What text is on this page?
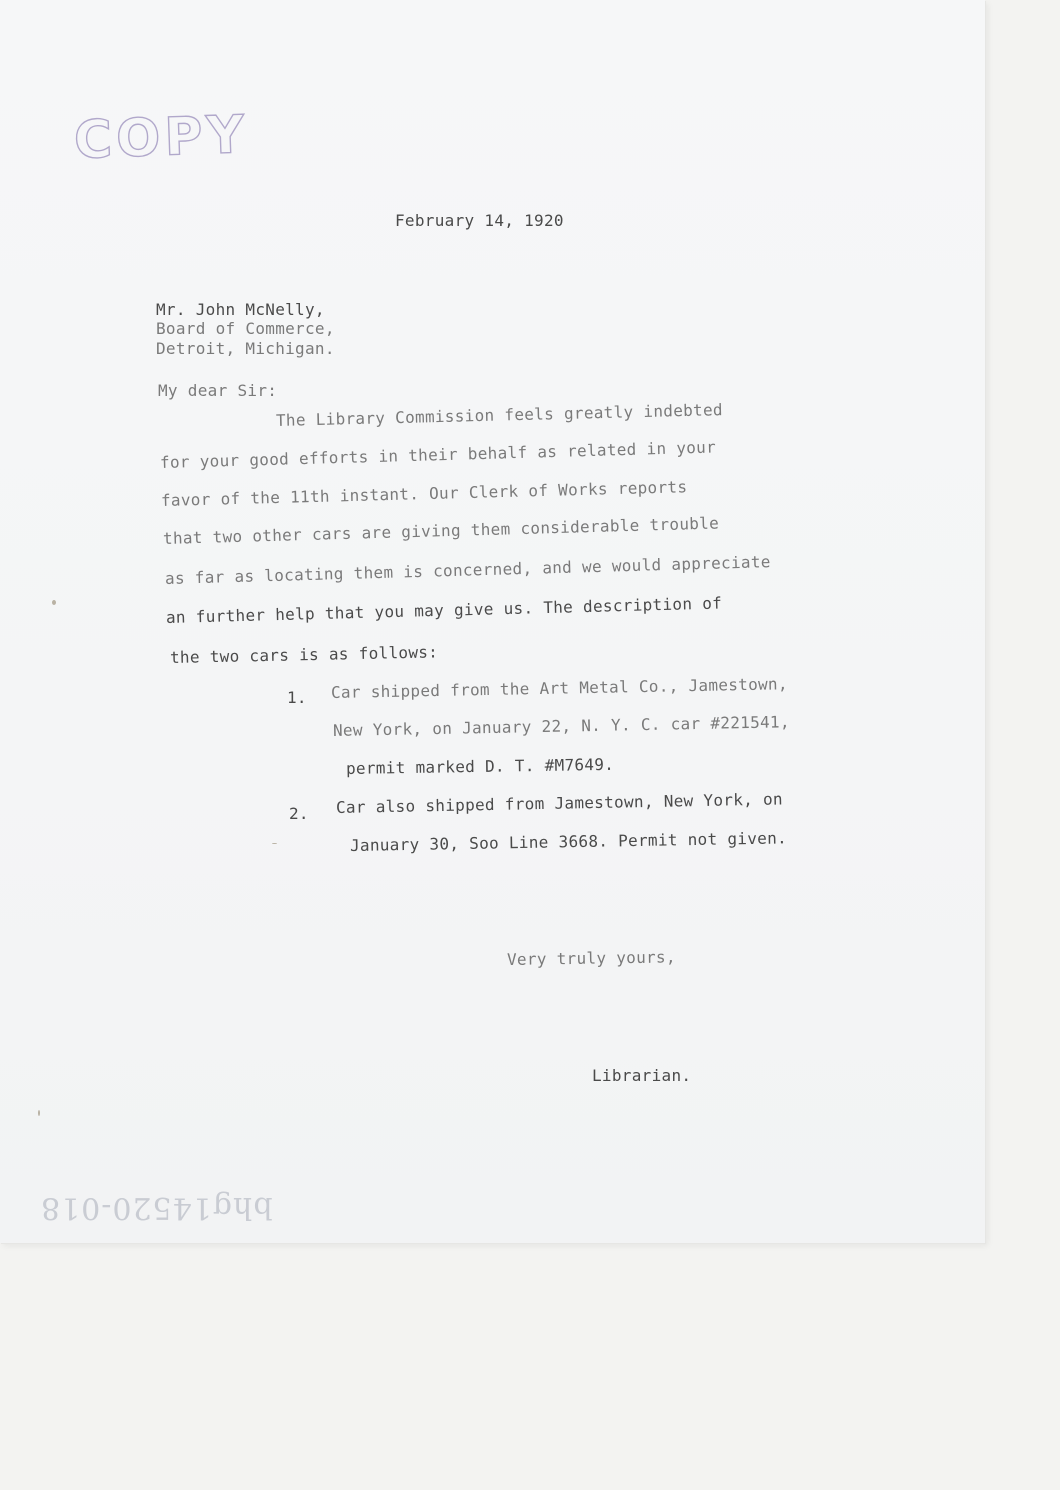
COPY
February 14, 1920
Mr. John McNelly,
Board of Commerce,
Detroit, Michigan.
My dear Sir:
The Library Commission feels greatly indebted
for your good efforts in their behalf as related in your
favor of the 11th instant. Our Clerk of Works reports
that two other cars are giving them considerable trouble
as far as locating them is concerned, and we would appreciate
an further help that you may give us. The description of
the two cars is as follows:
1. Car shipped from the Art Metal Co., Jamestown,
New York, on January 22, N. Y. C. car #221541,
permit marked D. T. #M7649.
2. Car also shipped from Jamestown, New York, on
January 30, Soo Line 3668. Permit not given.
Very truly yours,
Librarian.
bhg14520-018
